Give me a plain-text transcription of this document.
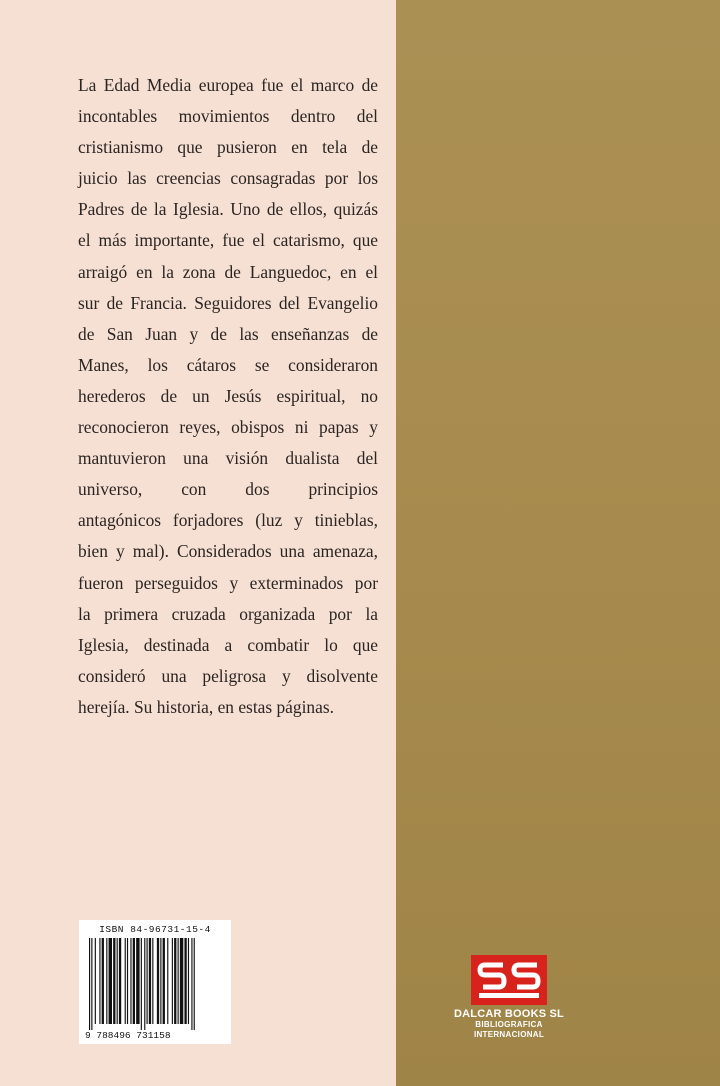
La Edad Media europea fue el marco de
incontables movimientos dentro del
cristianismo que pusieron en tela de
juicio las creencias consagradas por los
Padres de la Iglesia. Uno de ellos, quizás
el más importante, fue el catarismo, que
arraigó en la zona de Languedoc, en el
sur de Francia. Seguidores del Evangelio
de San Juan y de las enseñanzas de
Manes, los cátaros se consideraron
herederos de un Jesús espiritual, no
reconocieron reyes, obispos ni papas y
mantuvieron una visión dualista del
universo, con dos principios
antagónicos forjadores (luz y tinieblas,
bien y mal). Considerados una amenaza,
fueron perseguidos y exterminados por
la primera cruzada organizada por la
Iglesia, destinada a combatir lo que
consideró una peligrosa y disolvente
herejía. Su historia, en estas páginas.

ISBN 84-96731-15-4
9 788496 731158
DALCAR BOOKS SL
BIBLIOGRAFICA
INTERNACIONAL
